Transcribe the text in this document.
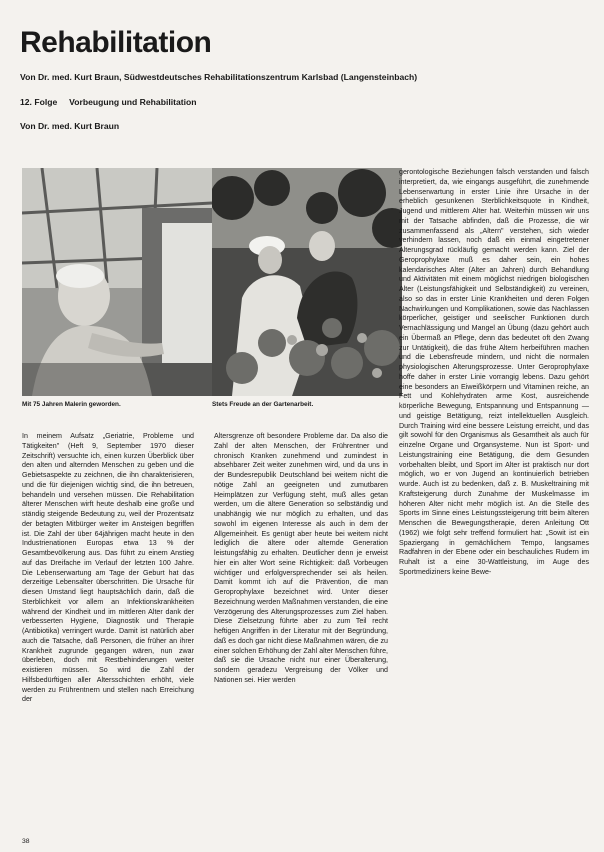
Rehabilitation
Von Dr. med. Kurt Braun, Südwestdeutsches Rehabilitationszentrum Karlsbad (Langensteinbach)
12. Folge     Vorbeugung und Rehabilitation
Von Dr. med. Kurt Braun
Mit 75 Jahren Malerin geworden.	Stets Freude an der Gartenarbeit.

In meinem Aufsatz „Geriatrie, Probleme und Tätigkeiten" (Heft 9, September 1970 dieser Zeitschrift) versuchte ich, einen kurzen Überblick über den alten und alternden Menschen zu geben und die Gebietsaspekte zu zeichnen, die ihn charakterisieren, und die für diejenigen wichtig sind, die ihn betreuen, behandeln und versehen müssen. Die Rehabilitation älterer Menschen wirft heute deshalb eine große und ständig steigende Bedeutung zu, weil der Prozentsatz der betagten Mitbürger weiter im Ansteigen begriffen ist. Die Zahl der über 64jährigen macht heute in den Industrienationen Europas etwa 13 % der Gesamtbevölkerung aus. Das führt zu einem Anstieg auf das Dreifache im Verlauf der letzten 100 Jahre. Die Lebenserwartung am Tage der Geburt hat das derzeitige Lebensalter überschritten. Die Ursache für diesen Umstand liegt hauptsächlich darin, daß die Sterblichkeit vor allem an Infektionskrankheiten während der Kindheit und im mittleren Alter dank der verbesserten Hygiene, Diagnostik und Therapie (Antibiotika) verringert wurde. Damit ist natürlich aber auch die Tatsache, daß Personen, die früher an ihrer Krankheit zugrunde gegangen wären, nun zwar überleben, doch mit Restbehinderungen weiter existieren müssen. So wird die Zahl der Hilfsbedürftigen aller Altersschichten erhöht, viele werden zu Frührentnern und stellen nach Erreichung der

Altersgrenze oft besondere Probleme dar. Da also die Zahl der alten Menschen, der Frührentner und chronisch Kranken zunehmend und zumindest in absehbarer Zeit weiter zunehmen wird, und da uns in der Bundesrepublik Deutschland bei weitem nicht die nötige Zahl an geeigneten und zumutbaren Heimplätzen zur Verfügung steht, muß alles getan werden, um die ältere Generation so selbständig und unabhängig wie nur möglich zu erhalten, und das sowohl im eigenen Interesse als auch in dem der Allgemeinheit. Es genügt aber heute bei weitem nicht lediglich die ältere oder alternde Generation leistungsfähig zu erhalten. Deutlicher denn je erweist hier ein alter Wort seine Richtigkeit: daß Vorbeugen wichtiger und erfolgversprechender sei als heilen. Damit kommt ich auf die Prävention, die man Geroprophylaxe bezeichnet wird. Unter dieser Bezeichnung werden Maßnahmen verstanden, die eine Verzögerung des Alterungsprozesses zum Ziel haben. Diese Zielsetzung führte aber zu zum Teil recht heftigen Angriffen in der Literatur mit der Begründung, daß es doch gar nicht diese Maßnahmen wären, die zu einer solchen Erhöhung der Zahl alter Menschen führe, daß sie die Ursache nicht nur einer Überalterung, sondern geradezu Vergreisung der Völker und Nationen sei. Hier werden

gerontologische Beziehungen falsch verstanden und falsch interpretiert, da, wie eingangs ausgeführt, die zunehmende Lebenserwartung in erster Linie ihre Ursache in der erheblich gesunkenen Sterblichkeitsquote in Kindheit, Jugend und mittlerem Alter hat. Weiterhin müssen wir uns mit der Tatsache abfinden, daß die Prozesse, die wir zusammenfassend als „Altern" verstehen, sich wieder verhindern lassen, noch daß ein einmal eingetretener Alterungsgrad rückläufig gemacht werden kann. Ziel der Geroprophylaxe muß es daher sein, ein hohes kalendarisches Alter (Alter an Jahren) durch Behandlung und Aktivitäten mit einem möglichst niedrigen biologischen Alter (Leistungsfähigkeit und Selbständigkeit) zu vereinen, also so das in erster Linie Krankheiten und deren Folgen Nachwirkungen und Komplikationen, sowie das Nachlassen körperlicher, geistiger und seelischer Funktionen durch Vernachlässigung und Mangel an Übung (dazu gehört auch ein Übermaß an Pflege, denn das bedeutet oft den Zwang zur Untätigkeit), die das frühe Altern herbeiführen machen und die Lebensfreude mindern, und nicht die normalen physiologischen Alterungsprozesse. Unter Geroprophylaxe hoffe daher in erster Linie vorrangig lebens. Dazu gehört eine besonders an Eiweißkörpern und Vitaminen reiche, an Fett und Kohlehydraten arme Kost, ausreichende körperliche Bewegung, Entspannung und Entspannung — und geistige Betätigung, reizt intellektuellen Ausgleich. Durch Training wird eine bessere Leistung erreicht, und das gilt sowohl für den Organismus als Gesamtheit als auch für einzelne Organe und Organsysteme. Nun ist Sport- und Leistungstraining eine Betätigung, die dem Gesunden vorbehalten bleibt, und Sport im Alter ist praktisch nur dort möglich, wo er von Jugend an kontinuierlich betrieben wurde. Auch ist zu bedenken, daß z. B. Muskeltraining mit Kraftsteigerung durch Zunahme der Muskelmasse im höheren Alter nicht mehr möglich ist. An die Stelle des Sports im Sinne eines Leistungssteigerung tritt beim älteren Menschen die Bewegungstherapie, deren Anleitung Ott (1962) wie folgt sehr treffend formuliert hat: „Sowit ist ein Spaziergang in gemächlichem Tempo, langsames Radfahren in der Ebene oder ein beschauliches Rudern im Ruhalt ist a eine 30-Wattleistung, im Auge des Sportmediziners keine Bewe-

38
